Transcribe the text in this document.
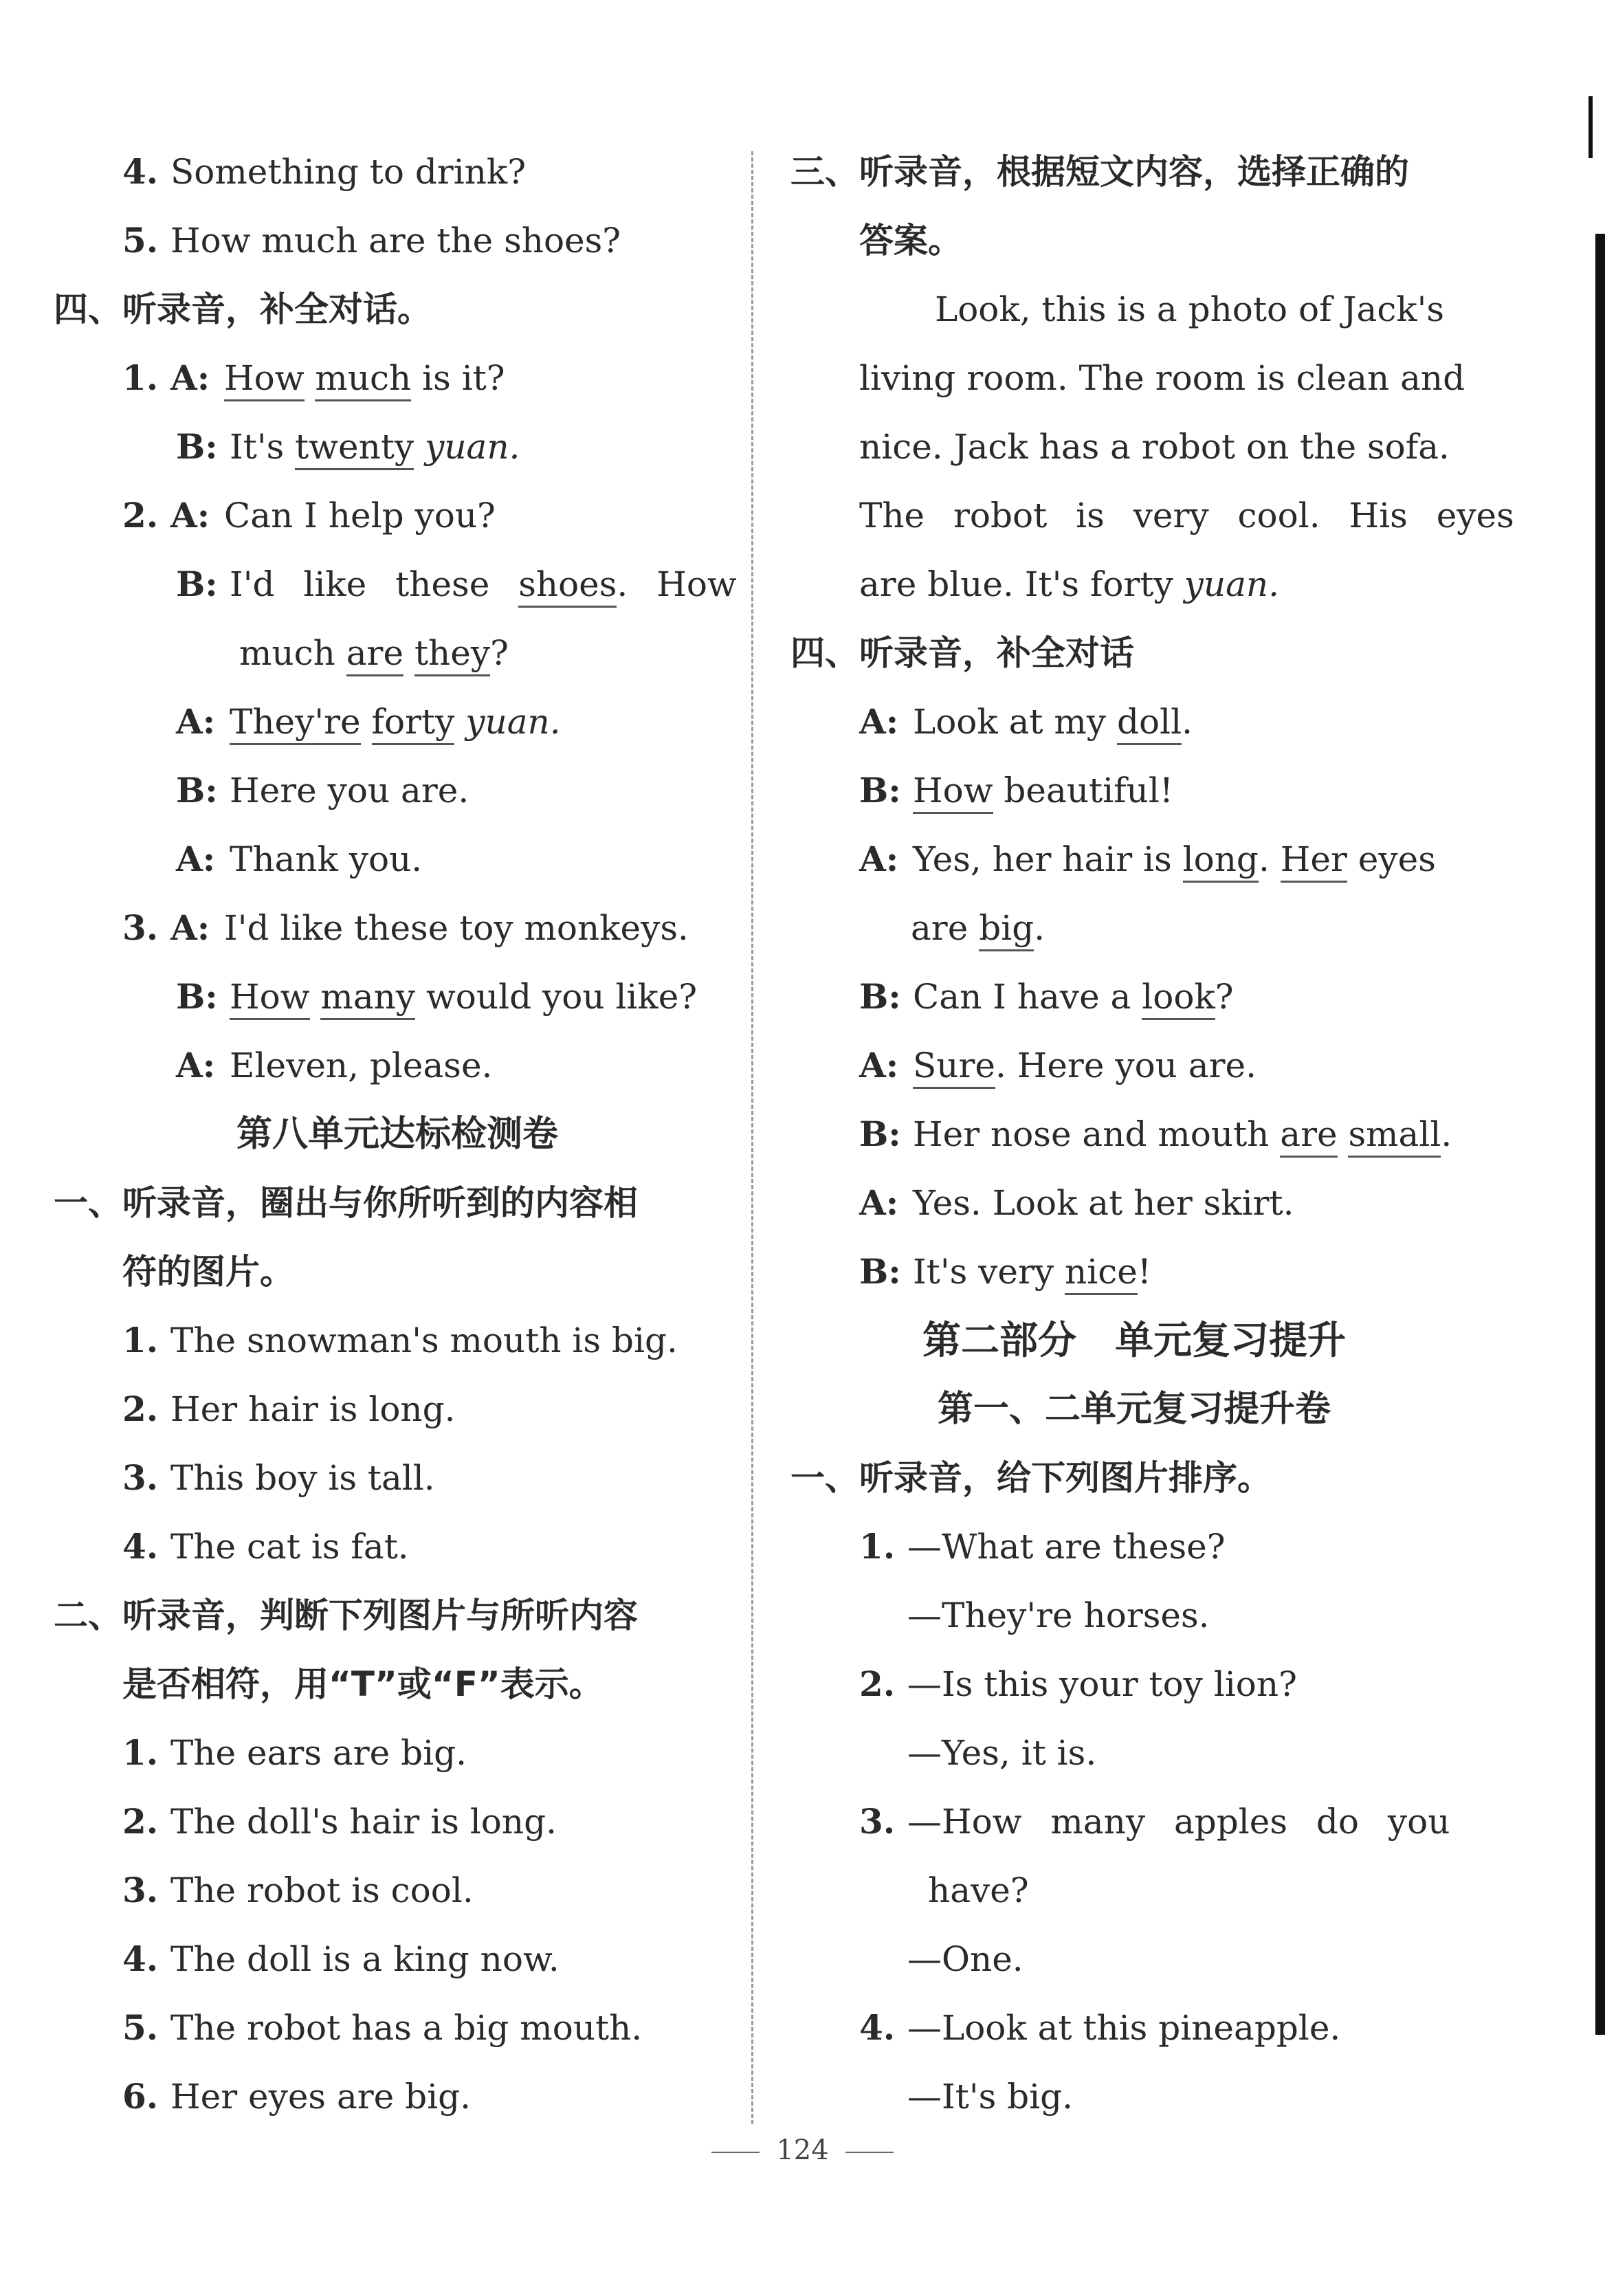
4. Something to drink?
5. How much are the shoes?
四、听录音，补全对话。
1. A: How much is it?
B: It's twenty yuan.
2. A: Can I help you?
B: I'd like these shoes. How
much are they?
A: They're forty yuan.
B: Here you are.
A: Thank you.
3. A: I'd like these toy monkeys.
B: How many would you like?
A: Eleven, please.
第八单元达标检测卷
一、听录音，圈出与你所听到的内容相
符的图片。
1. The snowman's mouth is big.
2. Her hair is long.
3. This boy is tall.
4. The cat is fat.
二、听录音，判断下列图片与所听内容
是否相符，用“T”或“F”表示。
1. The ears are big.
2. The doll's hair is long.
3. The robot is cool.
4. The doll is a king now.
5. The robot has a big mouth.
6. Her eyes are big.
三、听录音，根据短文内容，选择正确的
答案。
Look, this is a photo of Jack's
living room. The room is clean and
nice. Jack has a robot on the sofa.
The robot is very cool. His eyes
are blue. It's forty yuan.
四、听录音，补全对话
A: Look at my doll.
B: How beautiful!
A: Yes, her hair is long. Her eyes
are big.
B: Can I have a look?
A: Sure. Here you are.
B: Her nose and mouth are small.
A: Yes. Look at her skirt.
B: It's very nice!
第二部分　单元复习提升
第一、二单元复习提升卷
一、听录音，给下列图片排序。
1. —What are these?
—They're horses.
2. —Is this your toy lion?
—Yes, it is.
3. —How many apples do you
have?
—One.
4. —Look at this pineapple.
—It's big.
124
